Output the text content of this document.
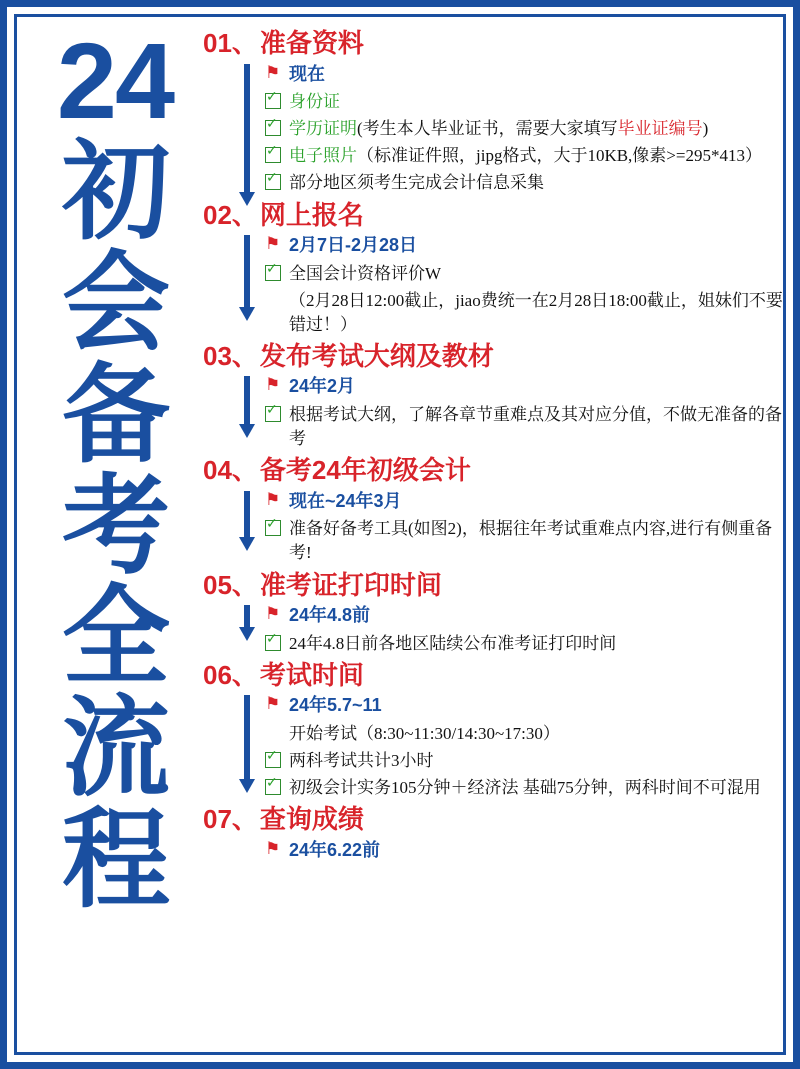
24
初
会
备
考
全
流
程
01、 准备资料
⚑ 现在
✓
身份证
✓
学历证明(考生本人毕业证书，需要大家填写毕业证编号)
✓
电子照片（标准证件照，jipg格式，大于10KB,像素>=295*413）
✓
部分地区须考生完成会计信息采集
02、 网上报名
⚑ 2月7日-2月28日
✓
全国会计资格评价W
（2月28日12:00截止，jiao费统一在2月28日18:00截止，姐妹们不要错过！）
03、 发布考试大纲及教材
⚑ 24年2月
✓
根据考试大纲，了解各章节重难点及其对应分值，不做无准备的备考
04、 备考24年初级会计
⚑ 现在~24年3月
✓
准备好备考工具(如图2)，根据往年考试重难点内容,进行有侧重备考!
05、 准考证打印时间
⚑ 24年4.8前
✓
24年4.8日前各地区陆续公布准考证打印时间
06、 考试时间
⚑ 24年5.7~11
开始考试（8:30~11:30/14:30~17:30）
✓
两科考试共计3小时
✓
初级会计实务105分钟＋经济法 基础75分钟，两科时间不可混用
07、 查询成绩
⚑ 24年6.22前
